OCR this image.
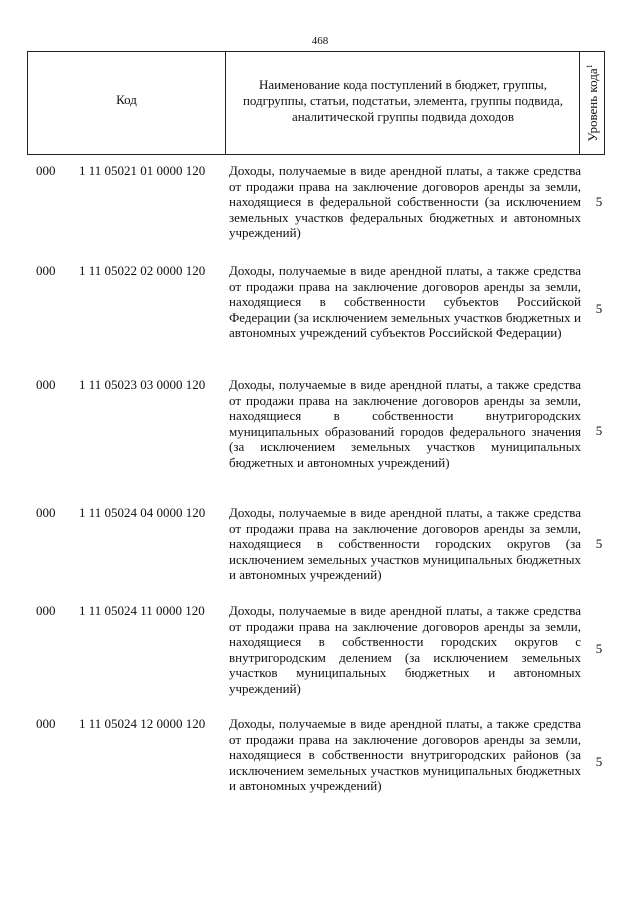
468
Код
Наименование кода поступлений в бюджет, группы, подгруппы, статьи, подстатьи, элемента, группы подвида, аналитической группы подвида доходов	Уровень кода$^1$
000 1 11 05021 01 0000 120 Доходы, получаемые в виде арендной платы, а также средства от продажи права на заключение договоров аренды за земли, находящиеся в федеральной собственности (за исключением земельных участков федеральных бюджетных и автономных учреждений)
5
000 1 11 05022 02 0000 120 Доходы, получаемые в виде арендной платы, а также средства от продажи права на заключение договоров аренды за земли, находящиеся в собственности субъектов Российской Федерации (за исключением земельных участков бюджетных и автономных учреждений субъектов Российской Федерации)
5
000 1 11 05023 03 0000 120 Доходы, получаемые в виде арендной платы, а также средства от продажи права на заключение договоров аренды за земли, находящиеся в собственности внутригородских муниципальных образований городов федерального значения (за исключением земельных участков муниципальных бюджетных и автономных учреждений)
5
000 1 11 05024 04 0000 120 Доходы, получаемые в виде арендной платы, а также средства от продажи права на заключение договоров аренды за земли, находящиеся в собственности городских округов (за исключением земельных участков муниципальных бюджетных и автономных учреждений)
5
000 1 11 05024 11 0000 120 Доходы, получаемые в виде арендной платы, а также средства от продажи права на заключение договоров аренды за земли, находящиеся в собственности городских округов с внутригородским делением (за исключением земельных участков муниципальных бюджетных и автономных учреждений)
5
000 1 11 05024 12 0000 120 Доходы, получаемые в виде арендной платы, а также средства от продажи права на заключение договоров аренды за земли, находящиеся в собственности внутригородских районов (за исключением земельных участков муниципальных бюджетных и автономных учреждений)
5
